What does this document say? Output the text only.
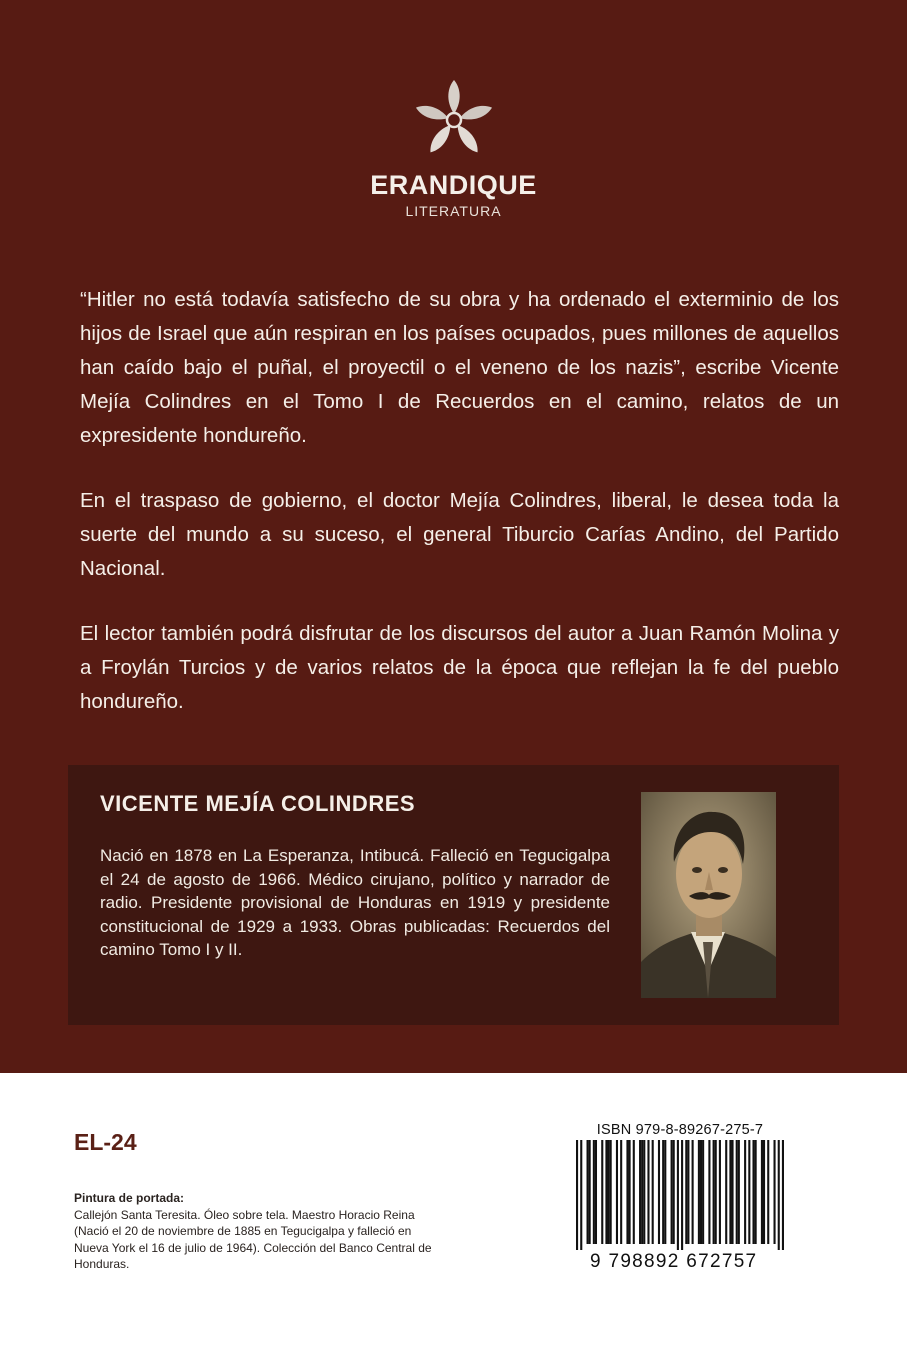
ERANDIQUE
LITERATURA

“Hitler no está todavía satisfecho de su obra y ha ordenado el exterminio de los hijos de Israel que aún respiran en los países ocupados, pues millones de aquellos han caído bajo el puñal, el proyectil o el veneno de los nazis”, escribe Vicente Mejía Colindres en el Tomo I de Recuerdos en el camino, relatos de un expresidente hondureño.

En el traspaso de gobierno, el doctor Mejía Colindres, liberal, le desea toda la suerte del mundo a su suceso, el general Tiburcio Carías Andino, del Partido Nacional.

El lector también podrá disfrutar de los discursos del autor a Juan Ramón Molina y a Froylán Turcios y de varios relatos de la época que reflejan la fe del pueblo hondureño.

VICENTE MEJÍA COLINDRES
Nació en 1878 en La Esperanza, Intibucá. Falleció en Tegucigalpa el 24 de agosto de 1966. Médico cirujano, político y narrador de radio. Presidente provisional de Honduras en 1919 y presidente constitucional de 1929 a 1933. Obras publicadas: Recuerdos del camino Tomo I y II.
EL-24
Pintura de portada:
Callejón Santa Teresita. Óleo sobre tela. Maestro Horacio Reina (Nació el 20 de noviembre de 1885 en Tegucigalpa y falleció en Nueva York el 16 de julio de 1964). Colección del Banco Central de Honduras.
ISBN 979-8-89267-275-7
9 798892 672757
